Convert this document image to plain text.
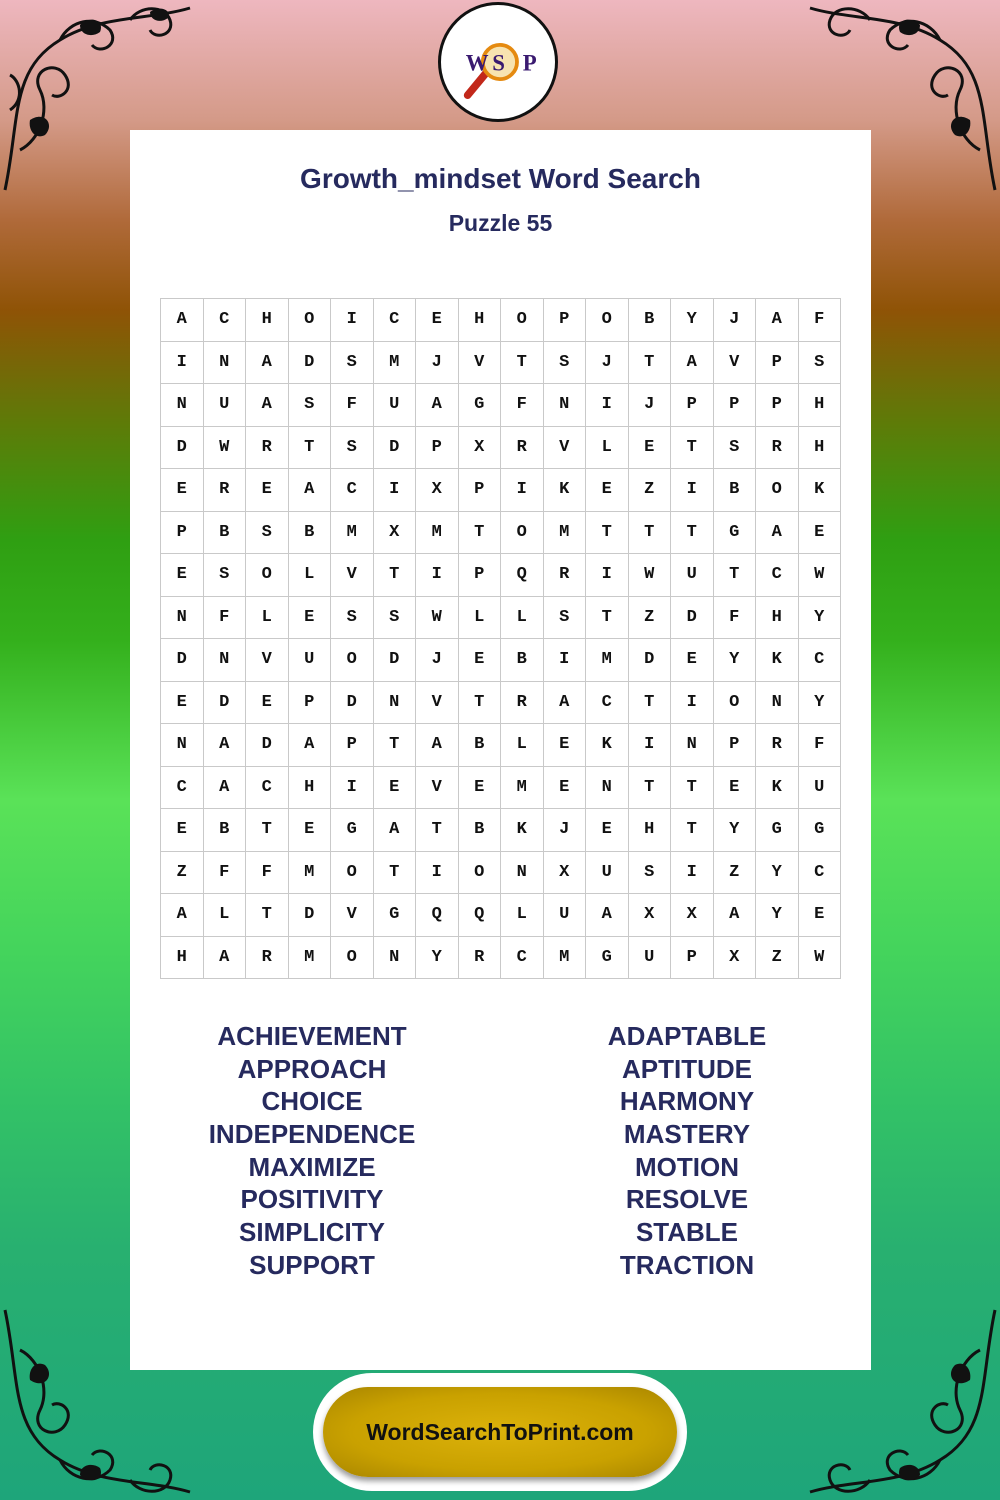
W S P
Growth_mindset Word Search
Puzzle 55
A	C	H	O	I	C	E	H	O	P	O	B	Y	J	A	F
I	N	A	D	S	M	J	V	T	S	J	T	A	V	P	S
N	U	A	S	F	U	A	G	F	N	I	J	P	P	P	H
D	W	R	T	S	D	P	X	R	V	L	E	T	S	R	H
E	R	E	A	C	I	X	P	I	K	E	Z	I	B	O	K
P	B	S	B	M	X	M	T	O	M	T	T	T	G	A	E
E	S	O	L	V	T	I	P	Q	R	I	W	U	T	C	W
N	F	L	E	S	S	W	L	L	S	T	Z	D	F	H	Y
D	N	V	U	O	D	J	E	B	I	M	D	E	Y	K	C
E	D	E	P	D	N	V	T	R	A	C	T	I	O	N	Y
N	A	D	A	P	T	A	B	L	E	K	I	N	P	R	F
C	A	C	H	I	E	V	E	M	E	N	T	T	E	K	U
E	B	T	E	G	A	T	B	K	J	E	H	T	Y	G	G
Z	F	F	M	O	T	I	O	N	X	U	S	I	Z	Y	C
A	L	T	D	V	G	Q	Q	L	U	A	X	X	A	Y	E
H	A	R	M	O	N	Y	R	C	M	G	U	P	X	Z	W
ACHIEVEMENT
APPROACH
CHOICE
INDEPENDENCE
MAXIMIZE
POSITIVITY
SIMPLICITY
SUPPORT
ADAPTABLE
APTITUDE
HARMONY
MASTERY
MOTION
RESOLVE
STABLE
TRACTION
WordSearchToPrint.com
